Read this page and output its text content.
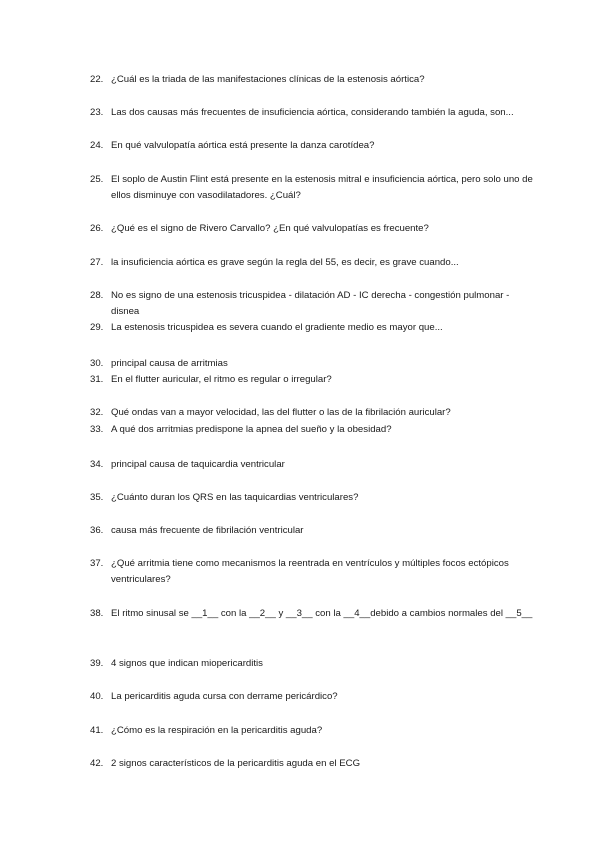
22. ¿Cuál es la triada de las manifestaciones clínicas de la estenosis aórtica?
23. Las dos causas más frecuentes de insuficiencia aórtica, considerando también la aguda, son...
24. En qué valvulopatía aórtica está presente la danza carotídea?
25. El soplo de Austin Flint está presente en la estenosis mitral e insuficiencia aórtica, pero solo uno de ellos disminuye con vasodilatadores. ¿Cuál?
26. ¿Qué es el signo de Rivero Carvallo? ¿En qué valvulopatías es frecuente?
27. la insuficiencia aórtica es grave según la regla del 55, es decir, es grave cuando...
28. No es signo de una estenosis tricuspidea - dilatación AD - IC derecha - congestión pulmonar - disnea
29. La estenosis tricuspidea es severa cuando el gradiente medio es mayor que...
30. principal causa de arritmias
31. En el flutter auricular, el ritmo es regular o irregular?
32. Qué ondas van a mayor velocidad, las del flutter o las de la fibrilación auricular?
33. A qué dos arritmias predispone la apnea del sueño y la obesidad?
34. principal causa de taquicardia ventricular
35. ¿Cuánto duran los QRS en las taquicardias ventriculares?
36. causa más frecuente de fibrilación ventricular
37. ¿Qué arritmia tiene como mecanismos la reentrada en ventrículos y múltiples focos ectópicos ventriculares?
38. El ritmo sinusal se __1__ con la __2__ y __3__ con la __4__debido a cambios normales del __5__
39. 4 signos que indican miopericarditis
40. La pericarditis aguda cursa con derrame pericárdico?
41. ¿Cómo es la respiración en la pericarditis aguda?
42. 2 signos característicos de la pericarditis aguda en el ECG
